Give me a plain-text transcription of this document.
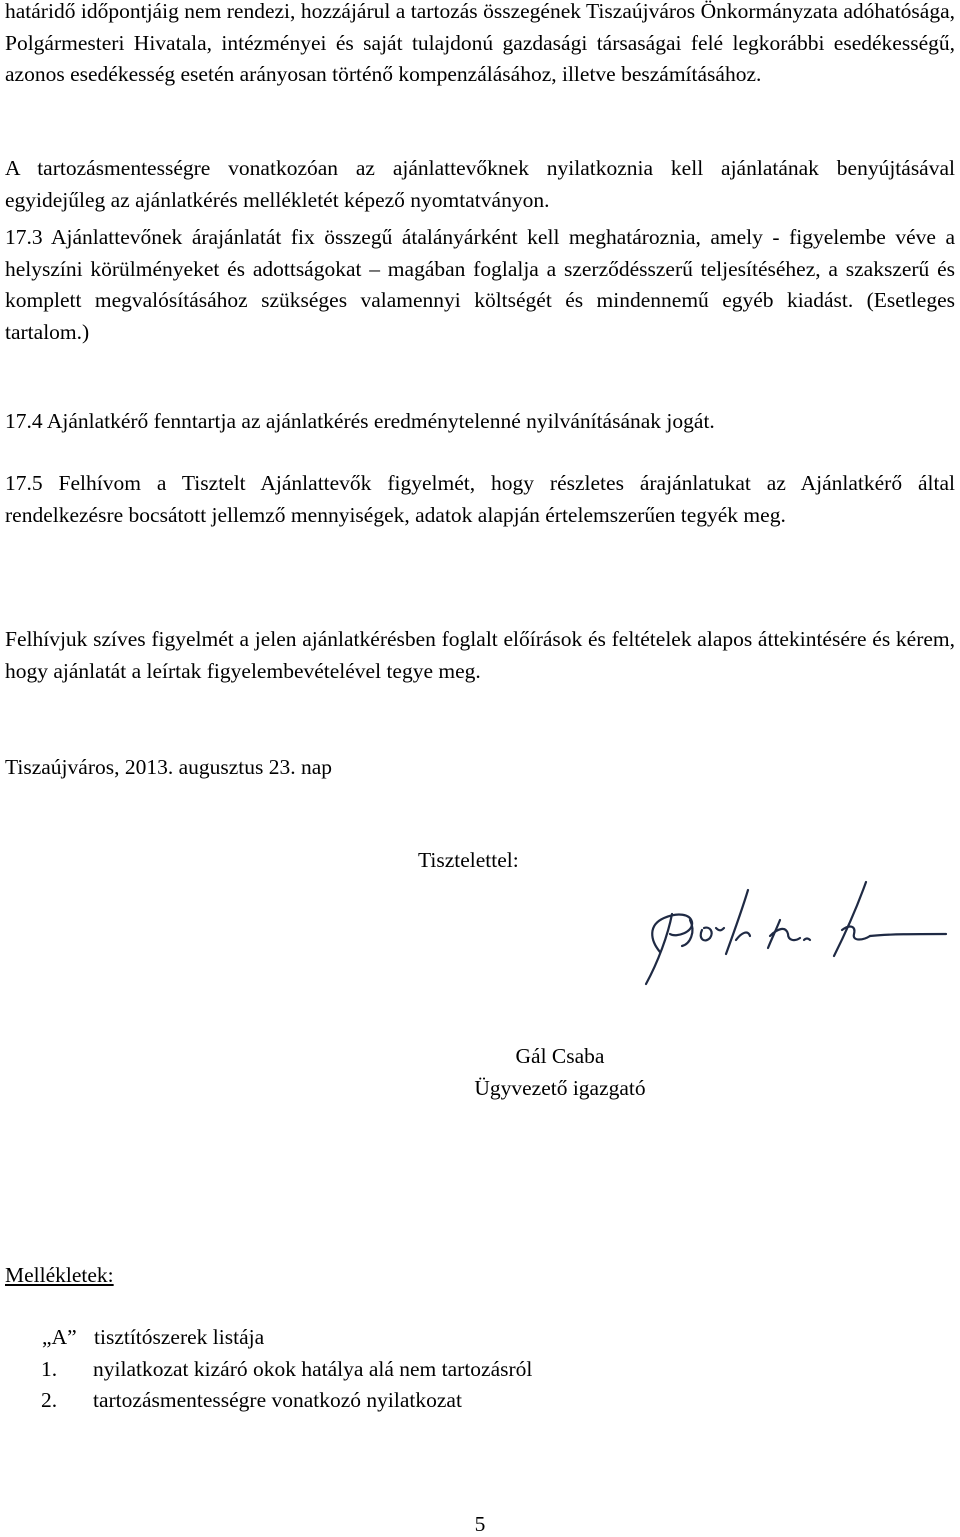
határidő időpontjáig nem rendezi, hozzájárul a tartozás összegének Tiszaújváros Önkormányzata adóhatósága, Polgármesteri Hivatala, intézményei és saját tulajdonú gazdasági társaságai felé legkorábbi esedékességű, azonos esedékesség esetén arányosan történő kompenzálásához, illetve beszámításához.

A tartozásmentességre vonatkozóan az ajánlattevőknek nyilatkoznia kell ajánlatának benyújtásával egyidejűleg az ajánlatkérés mellékletét képező nyomtatványon.

17.3 Ajánlattevőnek árajánlatát fix összegű átalányárként kell meghatároznia, amely - figyelembe véve a helyszíni körülményeket és adottságokat – magában foglalja a szerződésszerű teljesítéséhez, a szakszerű és komplett megvalósításához szükséges valamennyi költségét és mindennemű egyéb kiadást. (Esetleges tartalom.)

17.4 Ajánlatkérő fenntartja az ajánlatkérés eredménytelenné nyilvánításának jogát.

17.5 Felhívom a Tisztelt Ajánlattevők figyelmét, hogy részletes árajánlatukat az Ajánlatkérő által rendelkezésre bocsátott jellemző mennyiségek, adatok alapján értelemszerűen tegyék meg.

Felhívjuk szíves figyelmét a jelen ajánlatkérésben foglalt előírások és feltételek alapos áttekintésére és kérem, hogy ajánlatát a leírtak figyelembevételével tegye meg.

Tiszaújváros, 2013. augusztus 23. nap
Tisztelettel:
Gál Csaba
Ügyvezető igazgató
Mellékletek:
„A” tisztítószerek listája
1.	nyilatkozat kizáró okok hatálya alá nem tartozásról
2.	tartozásmentességre vonatkozó nyilatkozat
5
